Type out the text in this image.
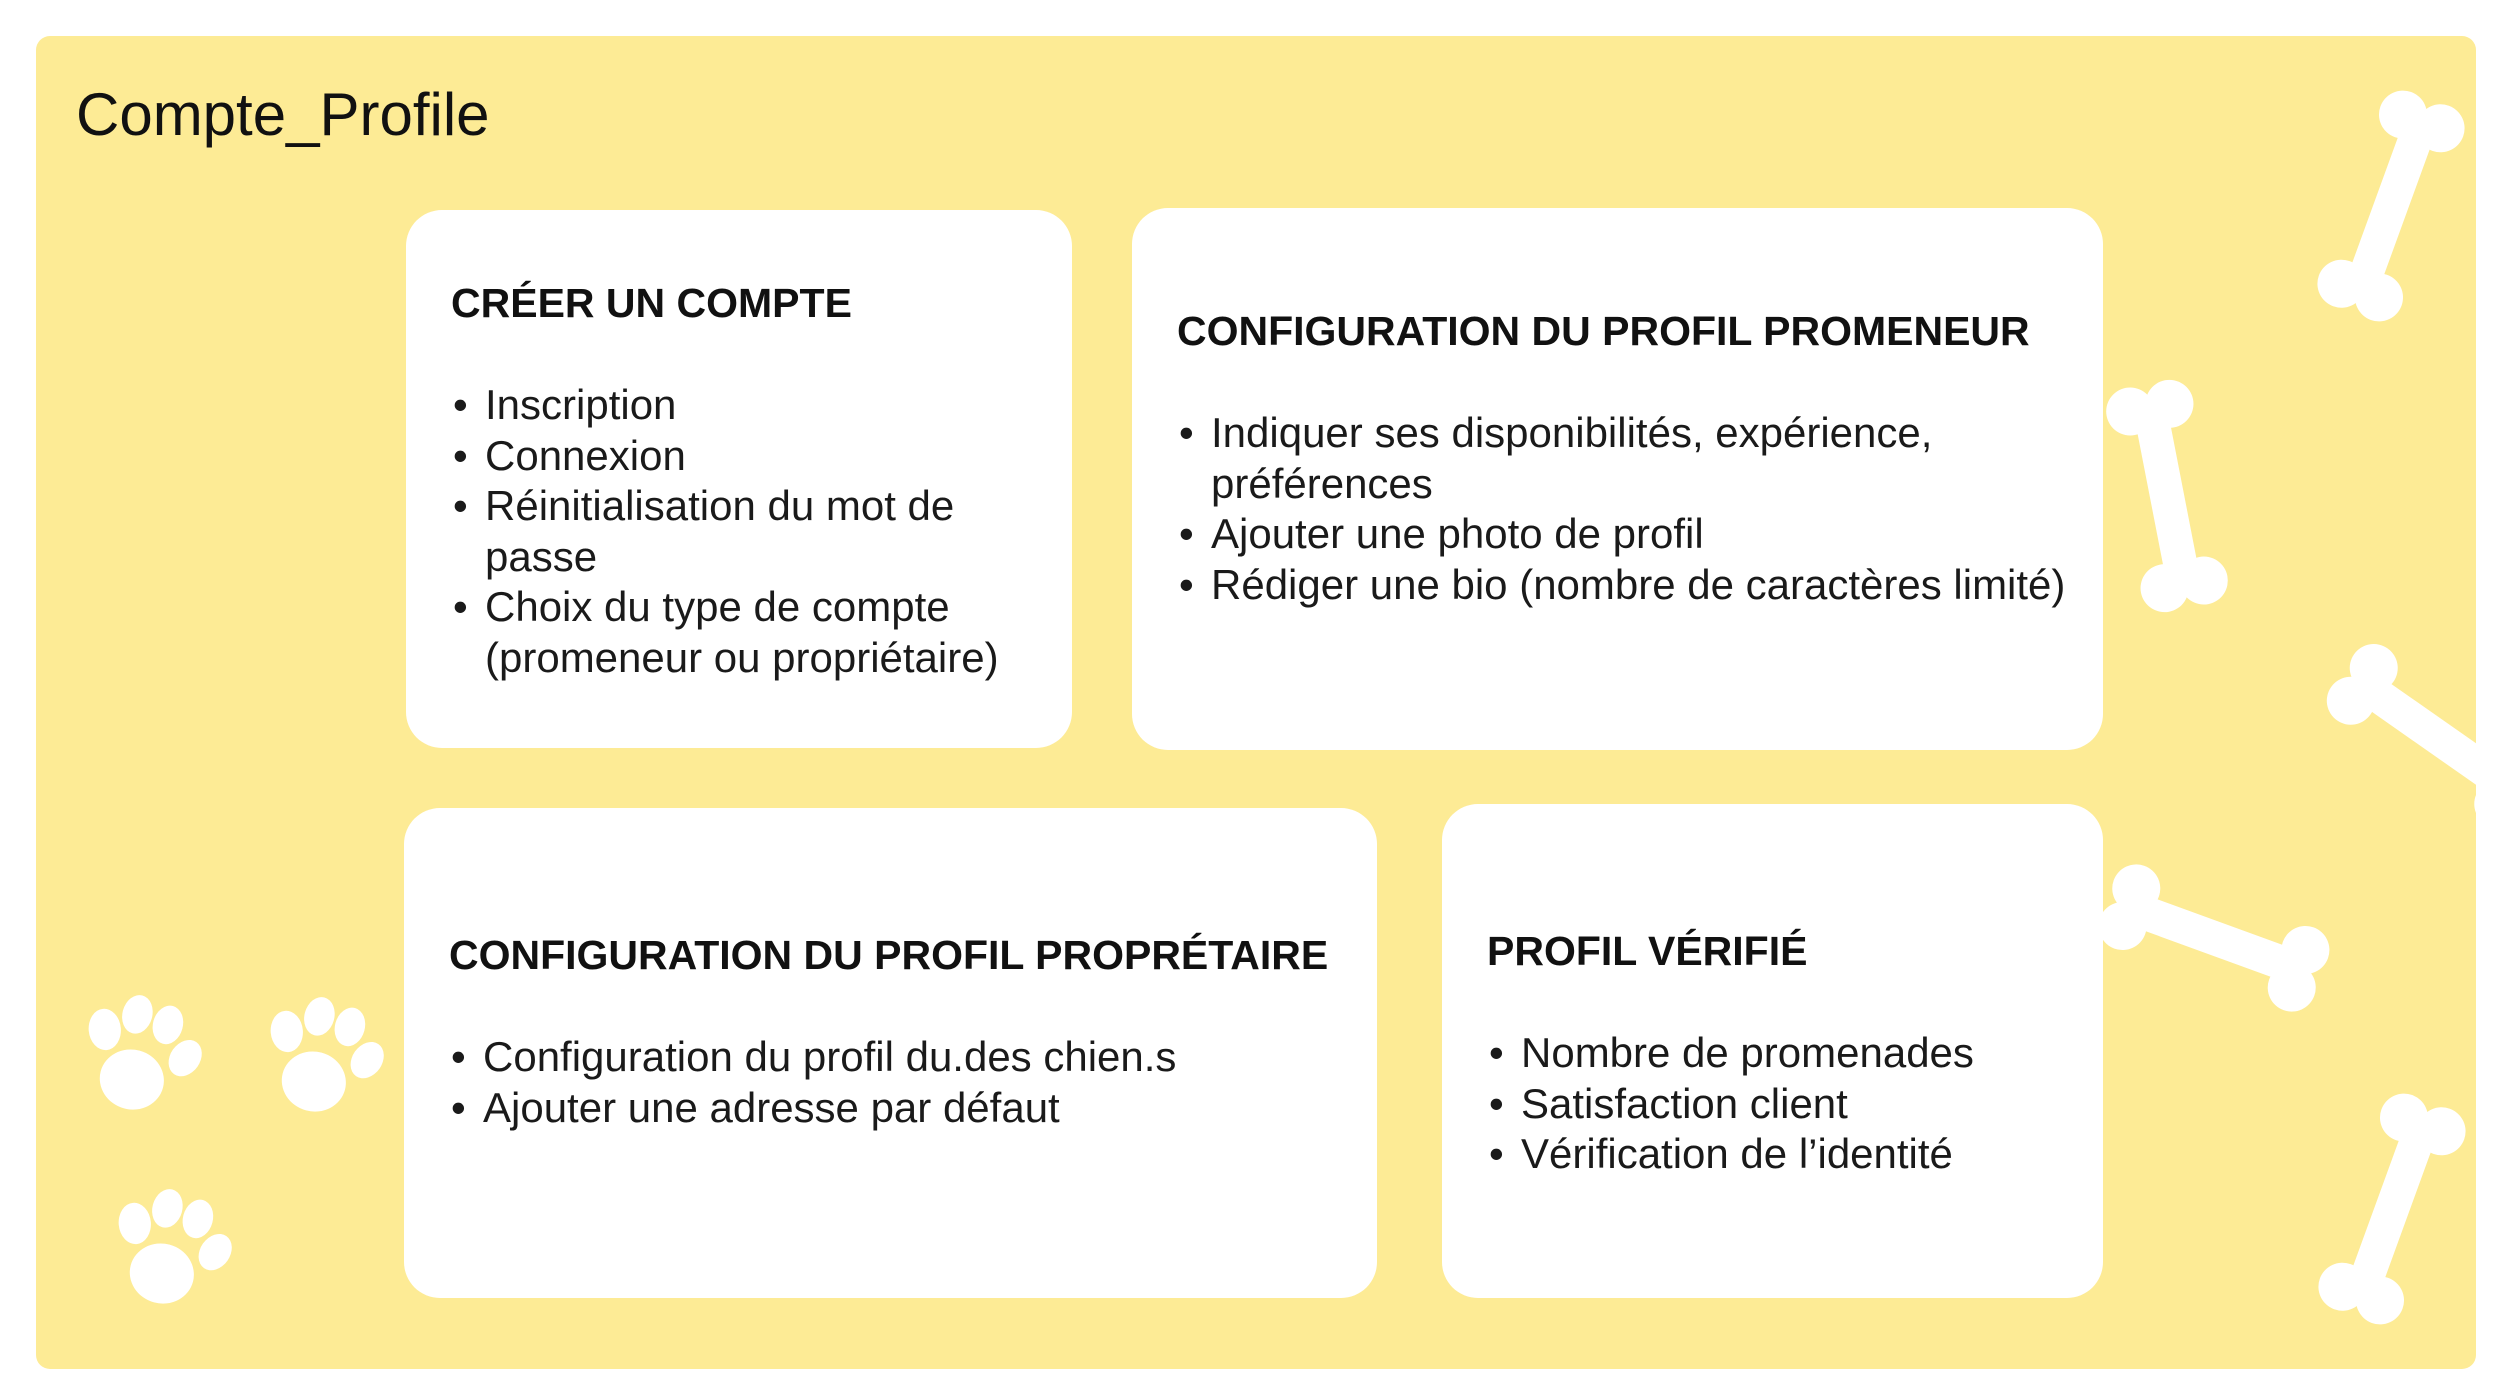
Compte_Profile
CRÉER UN COMPTE
• Inscription
• Connexion
• Réinitialisation du mot de passe
• Choix du type de compte (promeneur ou propriétaire)
CONFIGURATION DU PROFIL PROMENEUR
• Indiquer ses disponibilités, expérience, préférences
• Ajouter une photo de profil
• Rédiger une bio (nombre de caractères limité)
CONFIGURATION DU PROFIL PROPRÉTAIRE
• Configuration du profil du.des chien.s
• Ajouter une adresse par défaut
PROFIL VÉRIFIÉ
• Nombre de promenades
• Satisfaction client
• Vérification de l’identité
